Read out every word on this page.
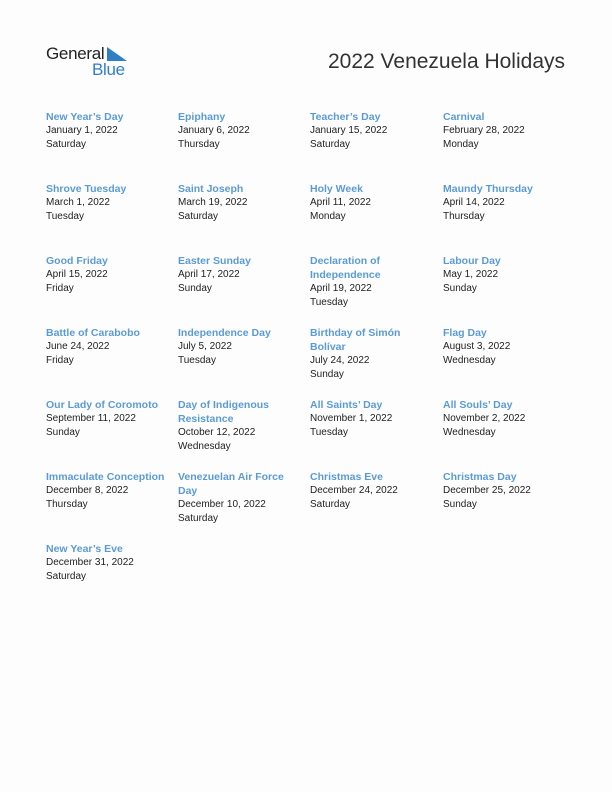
General
Blue	2022 Venezuela Holidays
New Year’s Day
January 1, 2022
Saturday
Epiphany
January 6, 2022
Thursday
Teacher’s Day
January 15, 2022
Saturday
Carnival
February 28, 2022
Monday
Shrove Tuesday
March 1, 2022
Tuesday
Saint Joseph
March 19, 2022
Saturday
Holy Week
April 11, 2022
Monday
Maundy Thursday
April 14, 2022
Thursday
Good Friday
April 15, 2022
Friday
Easter Sunday
April 17, 2022
Sunday
Declaration of Independence
April 19, 2022
Tuesday
Labour Day
May 1, 2022
Sunday
Battle of Carabobo
June 24, 2022
Friday
Independence Day
July 5, 2022
Tuesday
Birthday of Simón Bolívar
July 24, 2022
Sunday
Flag Day
August 3, 2022
Wednesday
Our Lady of Coromoto
September 11, 2022
Sunday
Day of Indigenous Resistance
October 12, 2022
Wednesday
All Saints’ Day
November 1, 2022
Tuesday
All Souls’ Day
November 2, 2022
Wednesday
Immaculate Conception
December 8, 2022
Thursday
Venezuelan Air Force Day
December 10, 2022
Saturday
Christmas Eve
December 24, 2022
Saturday
Christmas Day
December 25, 2022
Sunday
New Year’s Eve
December 31, 2022
Saturday
